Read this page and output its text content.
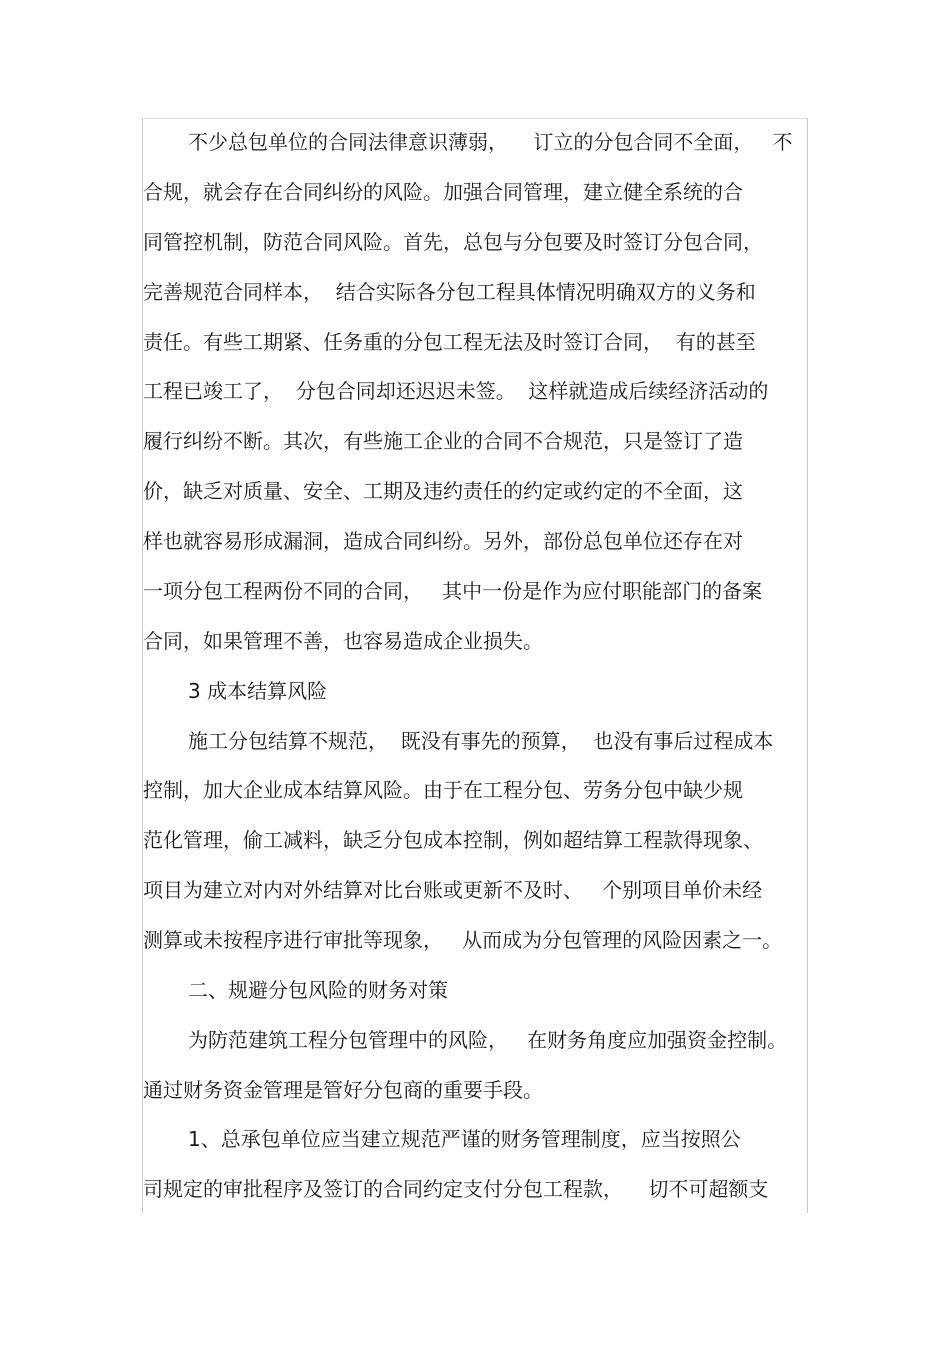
不少总包单位的合同法律意识薄弱，    订立的分包合同不全面，   不
合规，就会存在合同纠纷的风险。加强合同管理，建立健全系统的合
同管控机制，防范合同风险。首先，总包与分包要及时签订分包合同，
完善规范合同样本，  结合实际各分包工程具体情况明确双方的义务和
责任。有些工期紧、任务重的分包工程无法及时签订合同，  有的甚至
工程已竣工了，  分包合同却还迟迟未签。  这样就造成后续经济活动的
履行纠纷不断。其次，有些施工企业的合同不合规范，只是签订了造
价，缺乏对质量、安全、工期及违约责任的约定或约定的不全面，这
样也就容易形成漏洞，造成合同纠纷。另外，部份总包单位还存在对
一项分包工程两份不同的合同，   其中一份是作为应付职能部门的备案
合同，如果管理不善，也容易造成企业损失。
3 成本结算风险
施工分包结算不规范，  既没有事先的预算，  也没有事后过程成本
控制，加大企业成本结算风险。由于在工程分包、劳务分包中缺少规
范化管理，偷工减料，缺乏分包成本控制，例如超结算工程款得现象、
项目为建立对内对外结算对比台账或更新不及时、   个别项目单价未经
测算或未按程序进行审批等现象，   从而成为分包管理的风险因素之一。
二、规避分包风险的财务对策
为防范建筑工程分包管理中的风险，   在财务角度应加强资金控制。
通过财务资金管理是管好分包商的重要手段。
1、总承包单位应当建立规范严谨的财务管理制度，应当按照公
司规定的审批程序及签订的合同约定支付分包工程款，    切不可超额支
